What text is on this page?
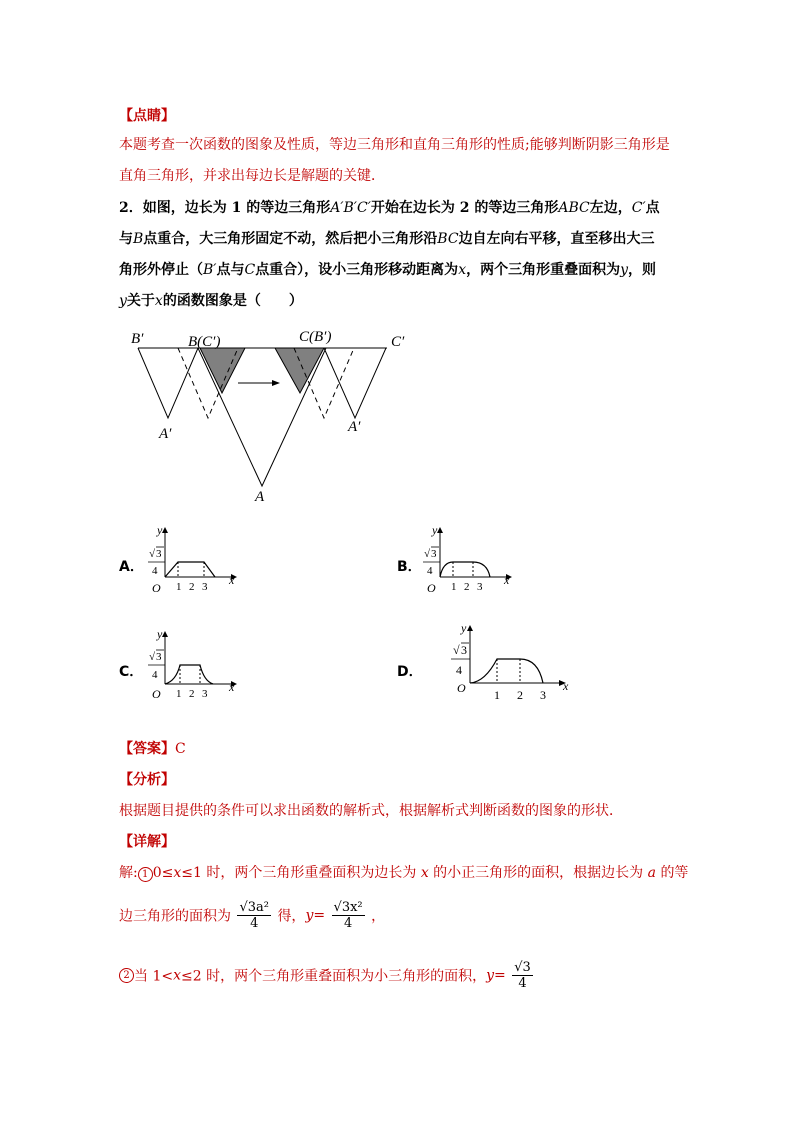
【点睛】
本题考查一次函数的图象及性质，等边三角形和直角三角形的性质;能够判断阴影三角形是
直角三角形，并求出每边长是解题的关键．
2．如图，边长为 1 的等边三角形A′B′C′开始在边长为 2 的等边三角形ABC左边，C′点
与B点重合，大三角形固定不动，然后把小三角形沿BC边自左向右平移，直至移出大三
角形外停止（B′点与C点重合），设小三角形移动距离为x，两个三角形重叠面积为y，则
y关于x的函数图象是（　　）
B′	B(C′)	C(B′)	C′
A′	A′
A
A．
y
√ 3
4
O 1 2 3 x
B．
y
√ 3
4
O 1 2 3 x
C．
y
√ 3
4
O 1 2 3 x
D．
y
√ 3
4
O 1 2 3
x
【答案】C
【分析】
根据题目提供的条件可以求出函数的解析式，根据解析式判断函数的图象的形状．
【详解】
解: 1 0≤x≤1 时，两个三角形重叠面积为边长为 x 的小正三角形的面积，根据边长为 a 的等
边三角形的面积为 $\frac{\text{√3a²}}{4}$ 得，$y= \frac{\text{√3x²}}{4}$ ，
2 当 1<x≤2 时，两个三角形重叠面积为小三角形的面积，$y= \frac{√3}{4}$
